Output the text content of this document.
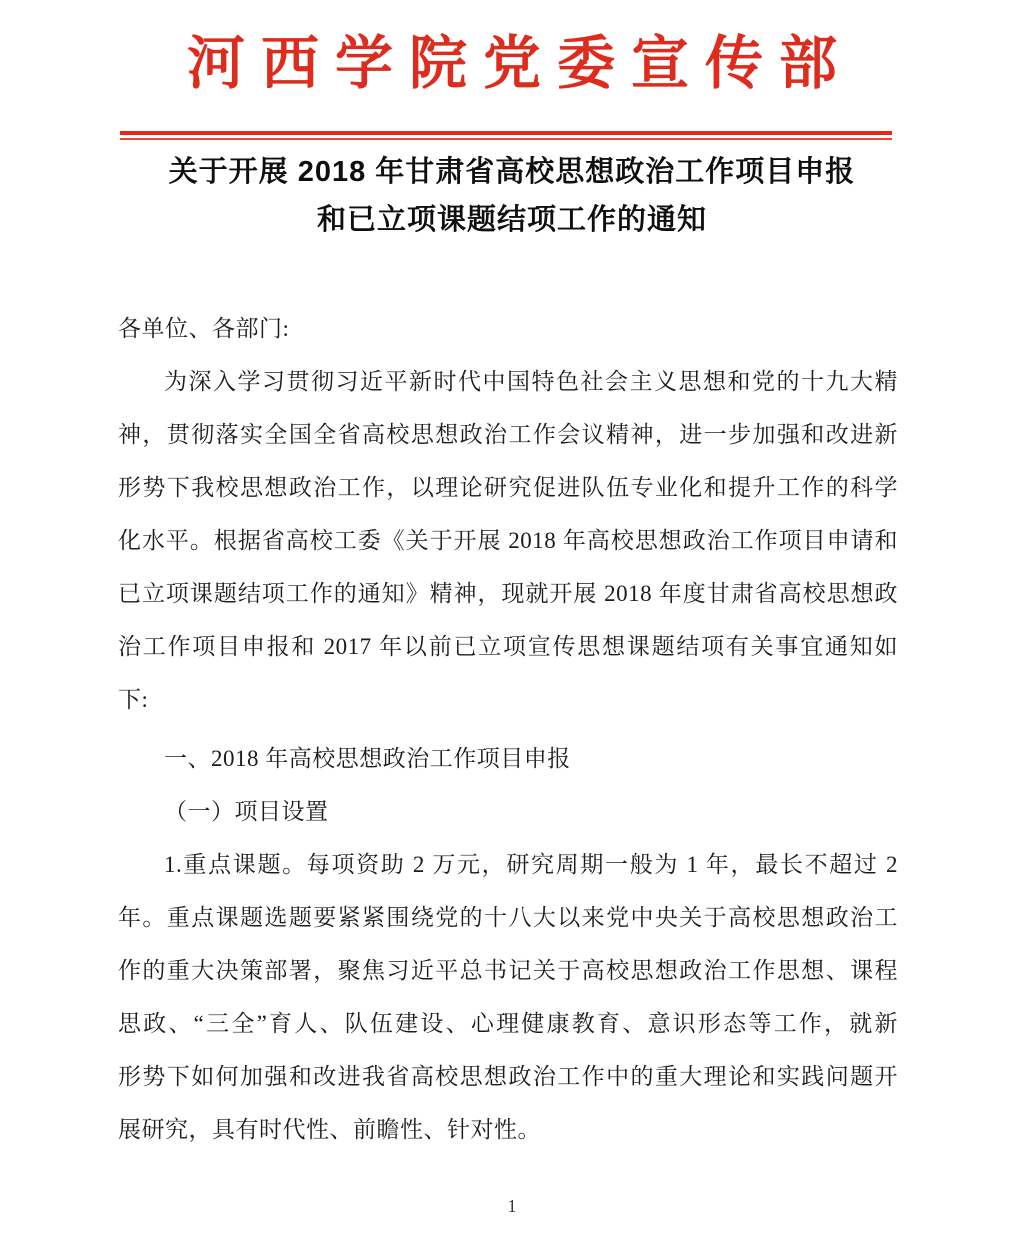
河西学院党委宣传部
关于开展 2018 年甘肃省高校思想政治工作项目申报
和已立项课题结项工作的通知
各单位、各部门:
为深入学习贯彻习近平新时代中国特色社会主义思想和党的十九大精
神，贯彻落实全国全省高校思想政治工作会议精神，进一步加强和改进新
形势下我校思想政治工作，以理论研究促进队伍专业化和提升工作的科学
化水平。根据省高校工委《关于开展 2018 年高校思想政治工作项目申请和
已立项课题结项工作的通知》精神，现就开展 2018 年度甘肃省高校思想政
治工作项目申报和 2017 年以前已立项宣传思想课题结项有关事宜通知如
下:
一、2018 年高校思想政治工作项目申报
（一）项目设置
1.重点课题。每项资助 2 万元，研究周期一般为 1 年，最长不超过 2
年。重点课题选题要紧紧围绕党的十八大以来党中央关于高校思想政治工
作的重大决策部署，聚焦习近平总书记关于高校思想政治工作思想、课程
思政、“三全”育人、队伍建设、心理健康教育、意识形态等工作，就新
形势下如何加强和改进我省高校思想政治工作中的重大理论和实践问题开
展研究，具有时代性、前瞻性、针对性。
1
